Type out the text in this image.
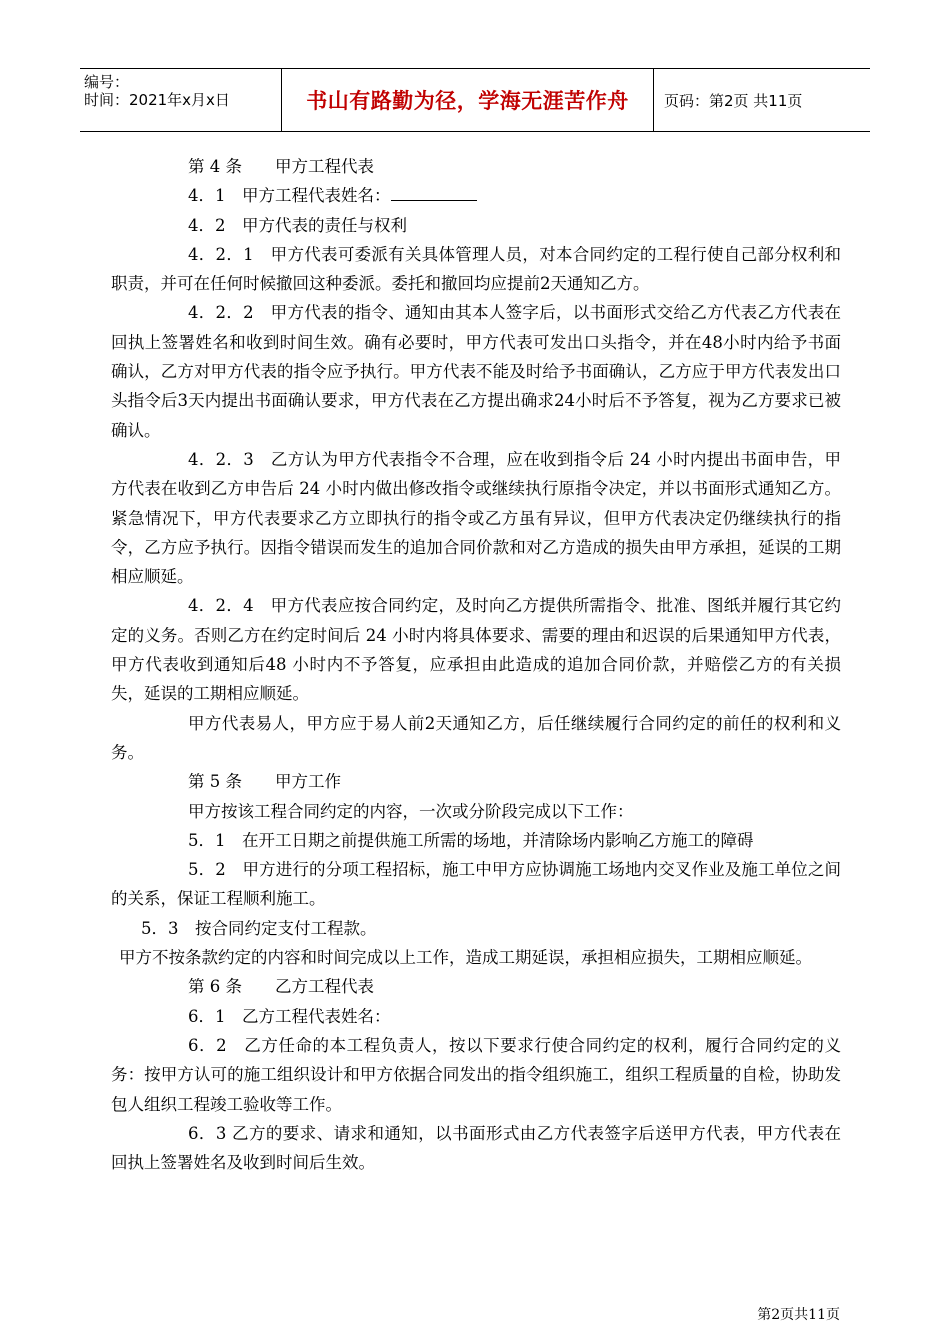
编号：
时间：2021年x月x日	书山有路勤为径，学海无涯苦作舟 页码：第2页 共11页

第 4 条　　甲方工程代表

4．1　甲方工程代表姓名：

4．2　甲方代表的责任与权利

4．2．1　甲方代表可委派有关具体管理人员，对本合同约定的工程行使自己部分权利和职责，并可在任何时候撤回这种委派。委托和撤回均应提前2天通知乙方。

4．2．2　甲方代表的指令、通知由其本人签字后，以书面形式交给乙方代表乙方代表在回执上签署姓名和收到时间生效。确有必要时，甲方代表可发出口头指令，并在48小时内给予书面确认，乙方对甲方代表的指令应予执行。甲方代表不能及时给予书面确认，乙方应于甲方代表发出口头指令后3天内提出书面确认要求，甲方代表在乙方提出确求24小时后不予答复，视为乙方要求已被确认。

4．2．3　乙方认为甲方代表指令不合理，应在收到指令后 24 小时内提出书面申告，甲方代表在收到乙方申告后 24 小时内做出修改指令或继续执行原指令决定，并以书面形式通知乙方。紧急情况下，甲方代表要求乙方立即执行的指令或乙方虽有异议，但甲方代表决定仍继续执行的指令，乙方应予执行。因指令错误而发生的追加合同价款和对乙方造成的损失由甲方承担，延误的工期相应顺延。

4．2．4　甲方代表应按合同约定，及时向乙方提供所需指令、批准、图纸并履行其它约定的义务。否则乙方在约定时间后 24 小时内将具体要求、需要的理由和迟误的后果通知甲方代表，甲方代表收到通知后48 小时内不予答复，应承担由此造成的追加合同价款，并赔偿乙方的有关损失，延误的工期相应顺延。

甲方代表易人，甲方应于易人前2天通知乙方，后任继续履行合同约定的前任的权利和义务。

第 5 条　　甲方工作

甲方按该工程合同约定的内容，一次或分阶段完成以下工作：

5．1　在开工日期之前提供施工所需的场地，并清除场内影响乙方施工的障碍

5．2　甲方进行的分项工程招标，施工中甲方应协调施工场地内交叉作业及施工单位之间的关系，保证工程顺利施工。

5．3　按合同约定支付工程款。

甲方不按条款约定的内容和时间完成以上工作，造成工期延误，承担相应损失，工期相应顺延。

第 6 条　　乙方工程代表

6．1　乙方工程代表姓名：

6．2　乙方任命的本工程负责人，按以下要求行使合同约定的权利，履行合同约定的义务：按甲方认可的施工组织设计和甲方依据合同发出的指令组织施工，组织工程质量的自检，协助发包人组织工程竣工验收等工作。

6．3 乙方的要求、请求和通知，以书面形式由乙方代表签字后送甲方代表，甲方代表在回执上签署姓名及收到时间后生效。

第2页共11页
